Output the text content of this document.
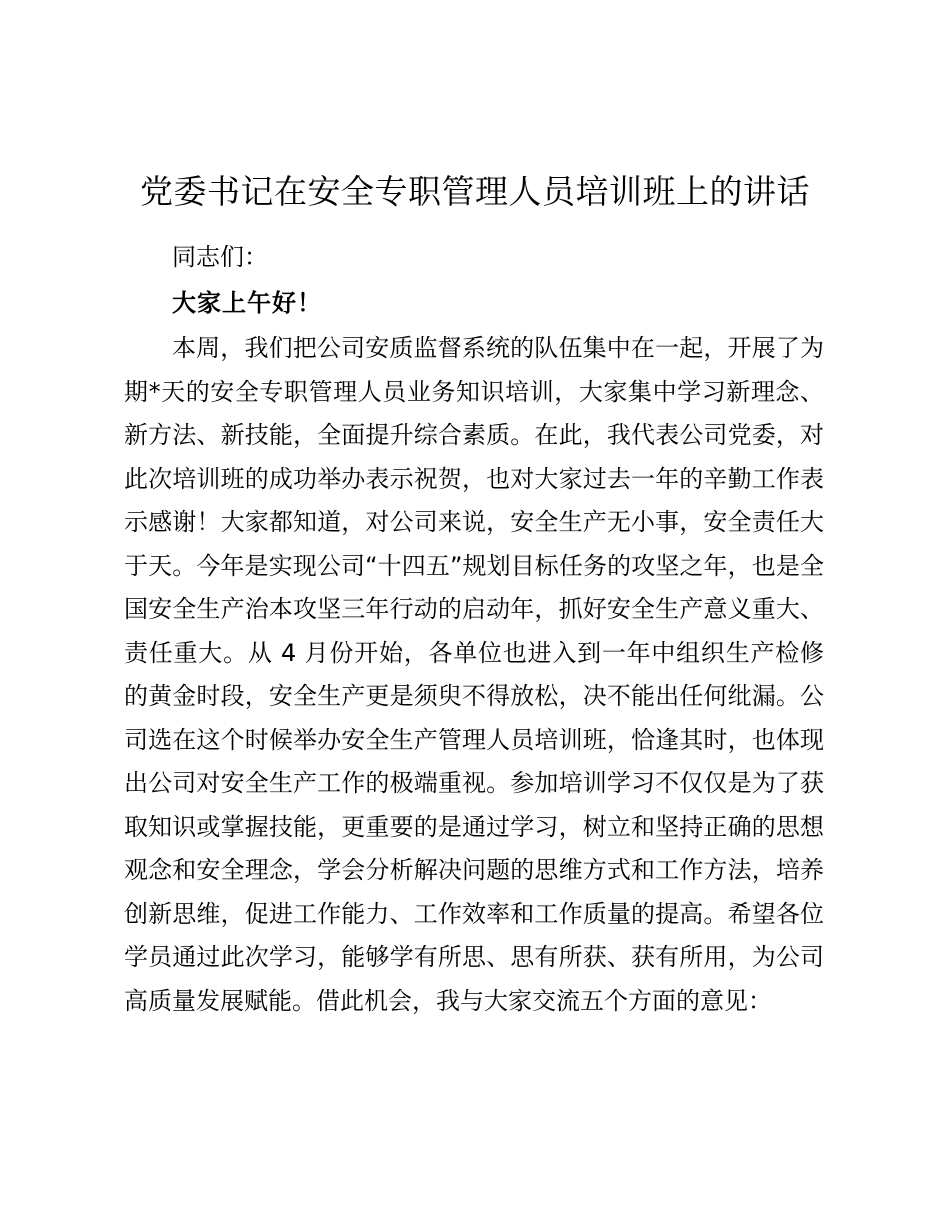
党委书记在安全专职管理人员培训班上的讲话

同志们：

大家上午好！

本周，我们把公司安质监督系统的队伍集中在一起，开展了为期*天的安全专职管理人员业务知识培训，大家集中学习新理念、新方法、新技能，全面提升综合素质。在此，我代表公司党委，对此次培训班的成功举办表示祝贺，也对大家过去一年的辛勤工作表示感谢！大家都知道，对公司来说，安全生产无小事，安全责任大于天。今年是实现公司“十四五”规划目标任务的攻坚之年，也是全国安全生产治本攻坚三年行动的启动年，抓好安全生产意义重大、责任重大。从 4 月份开始，各单位也进入到一年中组织生产检修的黄金时段，安全生产更是须臾不得放松，决不能出任何纰漏。公司选在这个时候举办安全生产管理人员培训班，恰逢其时，也体现出公司对安全生产工作的极端重视。参加培训学习不仅仅是为了获取知识或掌握技能，更重要的是通过学习，树立和坚持正确的思想观念和安全理念，学会分析解决问题的思维方式和工作方法，培养创新思维，促进工作能力、工作效率和工作质量的提高。希望各位学员通过此次学习，能够学有所思、思有所获、获有所用，为公司高质量发展赋能。借此机会，我与大家交流五个方面的意见：
